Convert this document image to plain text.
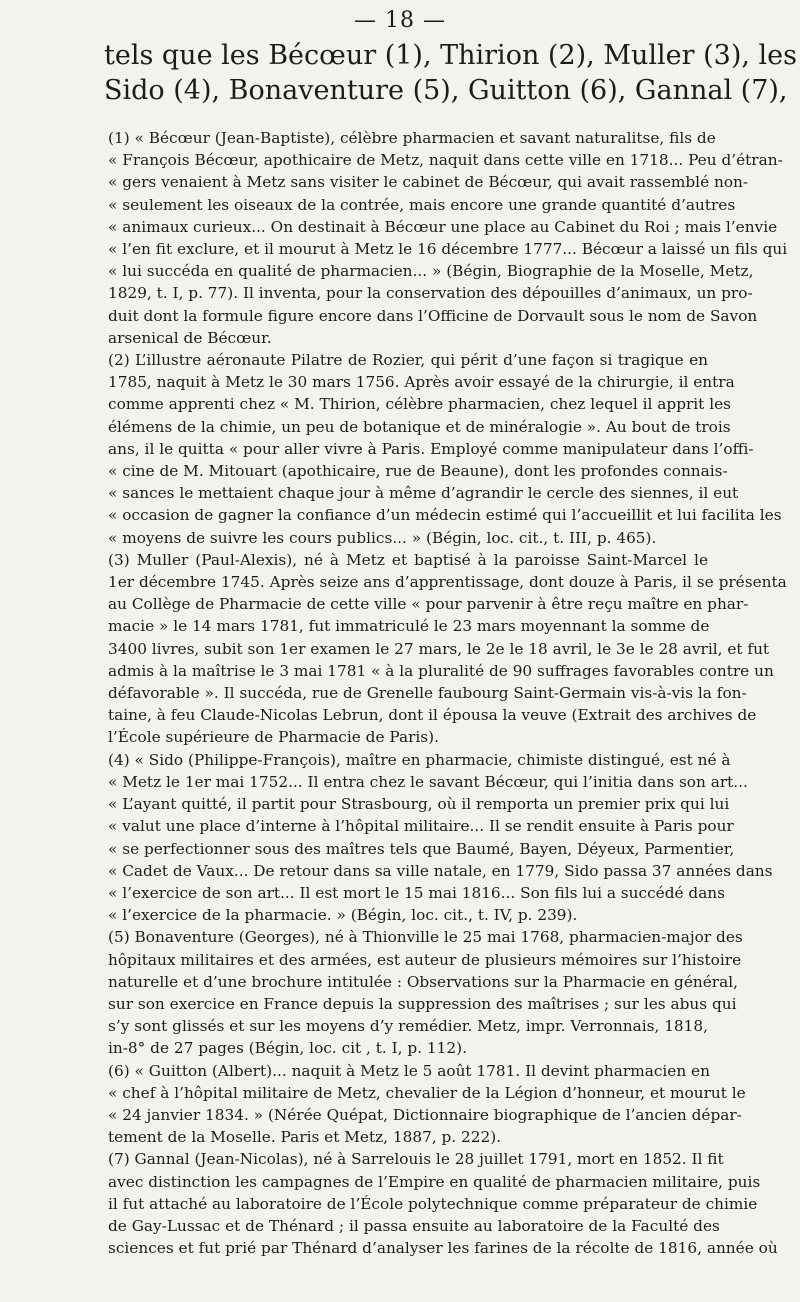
— 18 —
tels que les Bécœur (1), Thirion (2), Muller (3), les
Sido (4), Bonaventure (5), Guitton (6), Gannal (7),
(1) « Bécœur (Jean-Baptiste), célèbre pharmacien et savant naturalitse, fils de
« François Bécœur, apothicaire de Metz, naquit dans cette ville en 1718... Peu d’étran-
« gers venaient à Metz sans visiter le cabinet de Bécœur, qui avait rassemblé non-
« seulement les oiseaux de la contrée, mais encore une grande quantité d’autres
« animaux curieux... On destinait à Bécœur une place au Cabinet du Roi ; mais l’envie
« l’en fit exclure, et il mourut à Metz le 16 décembre 1777... Bécœur a laissé un fils qui
« lui succéda en qualité de pharmacien... » (Bégin, Biographie de la Moselle, Metz,
1829, t. I, p. 77). Il inventa, pour la conservation des dépouilles d’animaux, un pro-
duit dont la formule figure encore dans l’Officine de Dorvault sous le nom de Savon
arsenical de Bécœur.
(2) L’illustre aéronaute Pilatre de Rozier, qui périt d’une façon si tragique en
1785, naquit à Metz le 30 mars 1756. Après avoir essayé de la chirurgie, il entra
comme apprenti chez « M. Thirion, célèbre pharmacien, chez lequel il apprit les
élémens de la chimie, un peu de botanique et de minéralogie ». Au bout de trois
ans, il le quitta « pour aller vivre à Paris. Employé comme manipulateur dans l’offi-
« cine de M. Mitouart (apothicaire, rue de Beaune), dont les profondes connais-
« sances le mettaient chaque jour à même d’agrandir le cercle des siennes, il eut
« occasion de gagner la confiance d’un médecin estimé qui l’accueillit et lui facilita les
« moyens de suivre les cours publics... » (Bégin, loc. cit., t. III, p. 465).
(3) Muller (Paul-Alexis), né à Metz et baptisé à la paroisse Saint-Marcel le
1er décembre 1745. Après seize ans d’apprentissage, dont douze à Paris, il se présenta
au Collège de Pharmacie de cette ville « pour parvenir à être reçu maître en phar-
macie » le 14 mars 1781, fut immatriculé le 23 mars moyennant la somme de
3400 livres, subit son 1er examen le 27 mars, le 2e le 18 avril, le 3e le 28 avril, et fut
admis à la maîtrise le 3 mai 1781 « à la pluralité de 90 suffrages favorables contre un
défavorable ». Il succéda, rue de Grenelle faubourg Saint-Germain vis-à-vis la fon-
taine, à feu Claude-Nicolas Lebrun, dont il épousa la veuve (Extrait des archives de
l’École supérieure de Pharmacie de Paris).
(4) « Sido (Philippe-François), maître en pharmacie, chimiste distingué, est né à
« Metz le 1er mai 1752... Il entra chez le savant Bécœur, qui l’initia dans son art...
« L’ayant quitté, il partit pour Strasbourg, où il remporta un premier prix qui lui
« valut une place d’interne à l’hôpital militaire... Il se rendit ensuite à Paris pour
« se perfectionner sous des maîtres tels que Baumé, Bayen, Déyeux, Parmentier,
« Cadet de Vaux... De retour dans sa ville natale, en 1779, Sido passa 37 années dans
« l’exercice de son art... Il est mort le 15 mai 1816... Son fils lui a succédé dans
« l’exercice de la pharmacie. » (Bégin, loc. cit., t. IV, p. 239).
(5) Bonaventure (Georges), né à Thionville le 25 mai 1768, pharmacien-major des
hôpitaux militaires et des armées, est auteur de plusieurs mémoires sur l’histoire
naturelle et d’une brochure intitulée : Observations sur la Pharmacie en général,
sur son exercice en France depuis la suppression des maîtrises ; sur les abus qui
s’y sont glissés et sur les moyens d’y remédier. Metz, impr. Verronnais, 1818,
in-8° de 27 pages (Bégin, loc. cit , t. I, p. 112).
(6) « Guitton (Albert)... naquit à Metz le 5 août 1781. Il devint pharmacien en
« chef à l’hôpital militaire de Metz, chevalier de la Légion d’honneur, et mourut le
« 24 janvier 1834. » (Nérée Quépat, Dictionnaire biographique de l’ancien dépar-
tement de la Moselle. Paris et Metz, 1887, p. 222).
(7) Gannal (Jean-Nicolas), né à Sarrelouis le 28 juillet 1791, mort en 1852. Il fit
avec distinction les campagnes de l’Empire en qualité de pharmacien militaire, puis
il fut attaché au laboratoire de l’École polytechnique comme préparateur de chimie
de Gay-Lussac et de Thénard ; il passa ensuite au laboratoire de la Faculté des
sciences et fut prié par Thénard d’analyser les farines de la récolte de 1816, année où
